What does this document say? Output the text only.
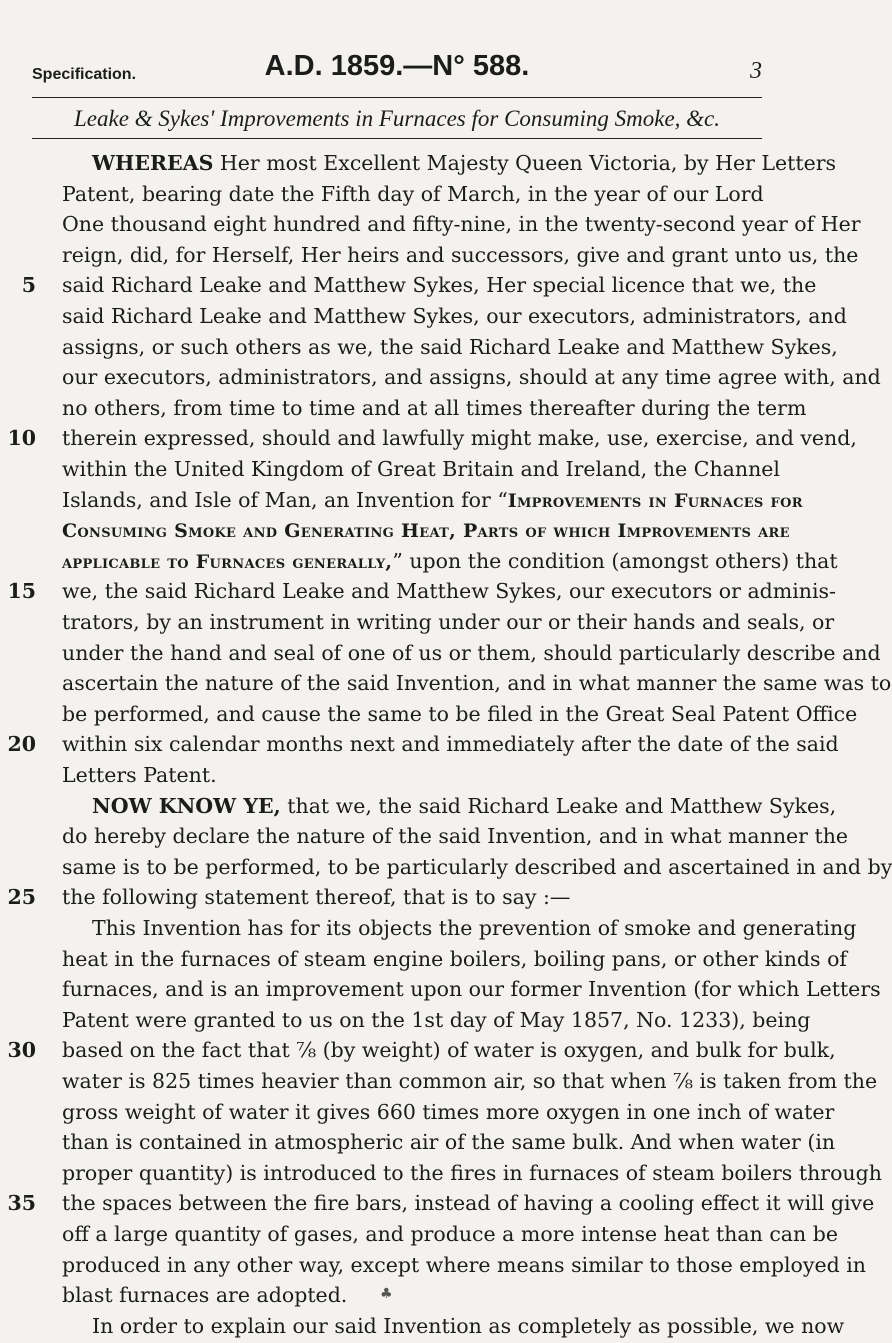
Specification.	A.D. 1859.—N° 588.	3
Leake & Sykes' Improvements in Furnaces for Consuming Smoke, &c.
WHEREAS Her most Excellent Majesty Queen Victoria, by Her Letters
Patent, bearing date the Fifth day of March, in the year of our Lord
One thousand eight hundred and fifty-nine, in the twenty-second year of Her
reign, did, for Herself, Her heirs and successors, give and grant unto us, the
5 said Richard Leake and Matthew Sykes, Her special licence that we, the
said Richard Leake and Matthew Sykes, our executors, administrators, and
assigns, or such others as we, the said Richard Leake and Matthew Sykes,
our executors, administrators, and assigns, should at any time agree with, and
no others, from time to time and at all times thereafter during the term
10 therein expressed, should and lawfully might make, use, exercise, and vend,
within the United Kingdom of Great Britain and Ireland, the Channel
Islands, and Isle of Man, an Invention for “Improvements in Furnaces for
Consuming Smoke and Generating Heat, Parts of which Improvements are
applicable to Furnaces generally,” upon the condition (amongst others) that
15 we, the said Richard Leake and Matthew Sykes, our executors or adminis-
trators, by an instrument in writing under our or their hands and seals, or
under the hand and seal of one of us or them, should particularly describe and
ascertain the nature of the said Invention, and in what manner the same was to
be performed, and cause the same to be filed in the Great Seal Patent Office
20 within six calendar months next and immediately after the date of the said
Letters Patent.
NOW KNOW YE, that we, the said Richard Leake and Matthew Sykes,
do hereby declare the nature of the said Invention, and in what manner the
same is to be performed, to be particularly described and ascertained in and by
25 the following statement thereof, that is to say :—
This Invention has for its objects the prevention of smoke and generating
heat in the furnaces of steam engine boilers, boiling pans, or other kinds of
furnaces, and is an improvement upon our former Invention (for which Letters
Patent were granted to us on the 1st day of May 1857, No. 1233), being
30 based on the fact that ⅞ (by weight) of water is oxygen, and bulk for bulk,
water is 825 times heavier than common air, so that when ⅞ is taken from the
gross weight of water it gives 660 times more oxygen in one inch of water
than is contained in atmospheric air of the same bulk. And when water (in
proper quantity) is introduced to the fires in furnaces of steam boilers through
35 the spaces between the fire bars, instead of having a cooling effect it will give
off a large quantity of gases, and produce a more intense heat than can be
produced in any other way, except where means similar to those employed in
blast furnaces are adopted.
In order to explain our said Invention as completely as possible, we now
♣
